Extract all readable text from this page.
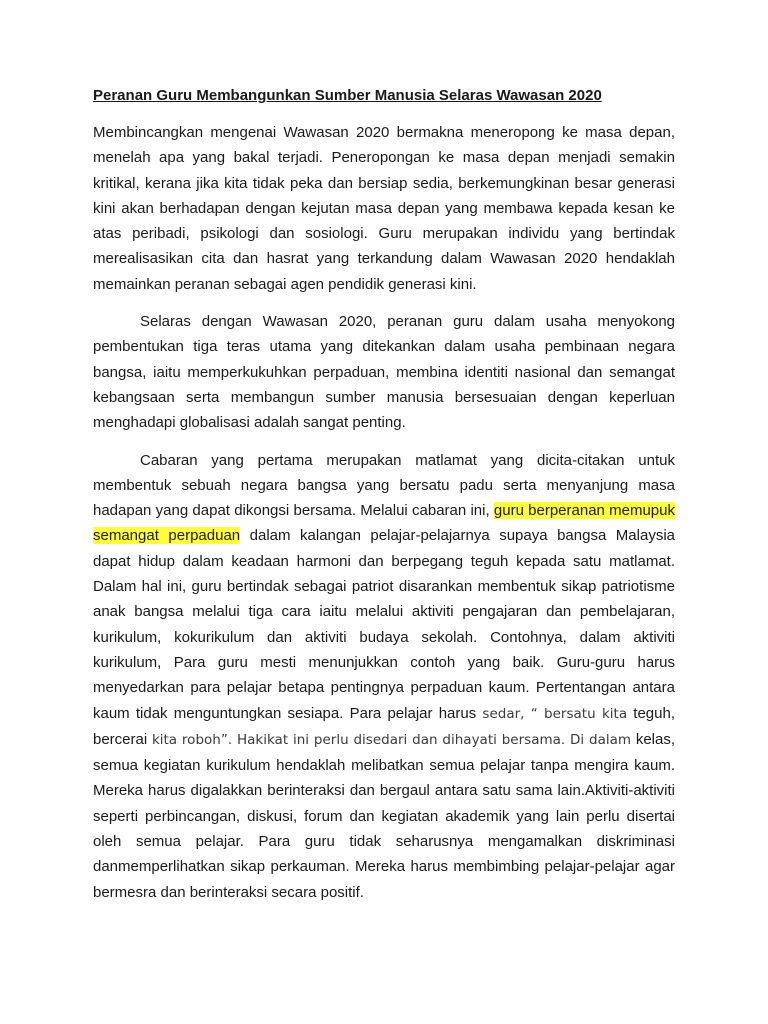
Peranan Guru Membangunkan Sumber Manusia Selaras Wawasan 2020

Membincangkan mengenai Wawasan 2020 bermakna meneropong ke masa depan, menelah apa yang bakal terjadi. Peneropongan ke masa depan menjadi semakin kritikal, kerana jika kita tidak peka dan bersiap sedia, berkemungkinan besar generasi kini akan berhadapan dengan kejutan masa depan yang membawa kepada kesan ke atas peribadi, psikologi dan sosiologi. Guru merupakan individu yang bertindak merealisasikan cita dan hasrat yang terkandung dalam Wawasan 2020 hendaklah memainkan peranan sebagai agen pendidik generasi kini.

Selaras dengan Wawasan 2020, peranan guru dalam usaha menyokong pembentukan tiga teras utama yang ditekankan dalam usaha pembinaan negara bangsa, iaitu memperkukuhkan perpaduan, membina identiti nasional dan semangat kebangsaan serta membangun sumber manusia bersesuaian dengan keperluan menghadapi globalisasi adalah sangat penting.

Cabaran yang pertama merupakan matlamat yang dicita-citakan untuk membentuk sebuah negara bangsa yang bersatu padu serta menyanjung masa hadapan yang dapat dikongsi bersama. Melalui cabaran ini, guru berperanan memupuk semangat perpaduan dalam kalangan pelajar-pelajarnya supaya bangsa Malaysia dapat hidup dalam keadaan harmoni dan berpegang teguh kepada satu matlamat. Dalam hal ini, guru bertindak sebagai patriot disarankan membentuk sikap patriotisme anak bangsa melalui tiga cara iaitu melalui aktiviti pengajaran dan pembelajaran, kurikulum, kokurikulum dan aktiviti budaya sekolah. Contohnya, dalam aktiviti kurikulum, Para guru mesti menunjukkan contoh yang baik. Guru-guru harus menyedarkan para pelajar betapa pentingnya perpaduan kaum. Pertentangan antara kaum tidak menguntungkan sesiapa. Para pelajar harus sedar, “ bersatu kita teguh, bercerai kita roboh”. Hakikat ini perlu disedari dan dihayati bersama. Di dalam kelas, semua kegiatan kurikulum hendaklah melibatkan semua pelajar tanpa mengira kaum. Mereka harus digalakkan berinteraksi dan bergaul antara satu sama lain.Aktiviti-aktiviti seperti perbincangan, diskusi, forum dan kegiatan akademik yang lain perlu disertai oleh semua pelajar. Para guru tidak seharusnya mengamalkan diskriminasi danmemperlihatkan sikap perkauman. Mereka harus membimbing pelajar-pelajar agar bermesra dan berinteraksi secara positif.
